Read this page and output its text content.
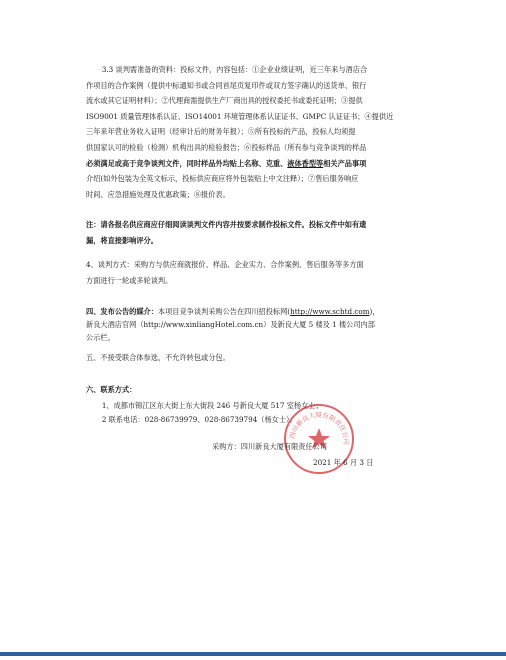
3.3 谈判需准备的资料：投标文件，内容包括：①企业业绩证明，近三年来与酒店合

作项目的合作案例（提供中标通知书或合同首尾页复印件或双方签字确认的送货单、银行

流水或其它证明材料）；②代理商需提供生产厂商出具的授权委托书或委托证明；③提供

ISO9001 质量管理体系认证、ISO14001 环境管理体系认证证书、GMPC 认证证书；④提供近

三年来年营业务收入证明（经审计后的财务年报）；⑤所有投标的产品，投标人均须提

供国家认可的检验（检测）机构出具的检验报告；⑥投标样品（所有参与竞争谈判的样品

必须满足或高于竞争谈判文件，同时样品外均贴上名称、克重、液体香型等相关产品事项

介绍(如外包装为全英文标示，投标供应商应将外包装贴上中文注释）；⑦售后服务响应

时间、应急措施处理及优惠政策；⑧报价表。

注：请各报名供应商应仔细阅读谈判文件内容并按要求制作投标文件。投标文件中如有遗

漏，将直接影响评分。

4、谈判方式：采购方与供应商就报价、样品、企业实力、合作案例、售后服务等多方面

方面进行一轮或多轮谈判。

四、发布公告的媒介：本项目竞争谈判采购公告在四川招投标网(http://www.schtd.com)，

新良大酒店官网（http://www.xinliangHotel.com.cn）及新良大厦 5 楼及 1 楼公司内部

公示栏。

五、不接受联合体参选，不允许转包或分包。

六、联系方式：

1、成都市锦江区东大街上东大街段 246 号新良大厦 517 室杨女士；

2 联系电话：028-86739979、028-86739794（杨女士）。

四川新良大厦有限责任公司
采购方：四川新良大厦有限责任公司
2021 年 6 月 3 日
